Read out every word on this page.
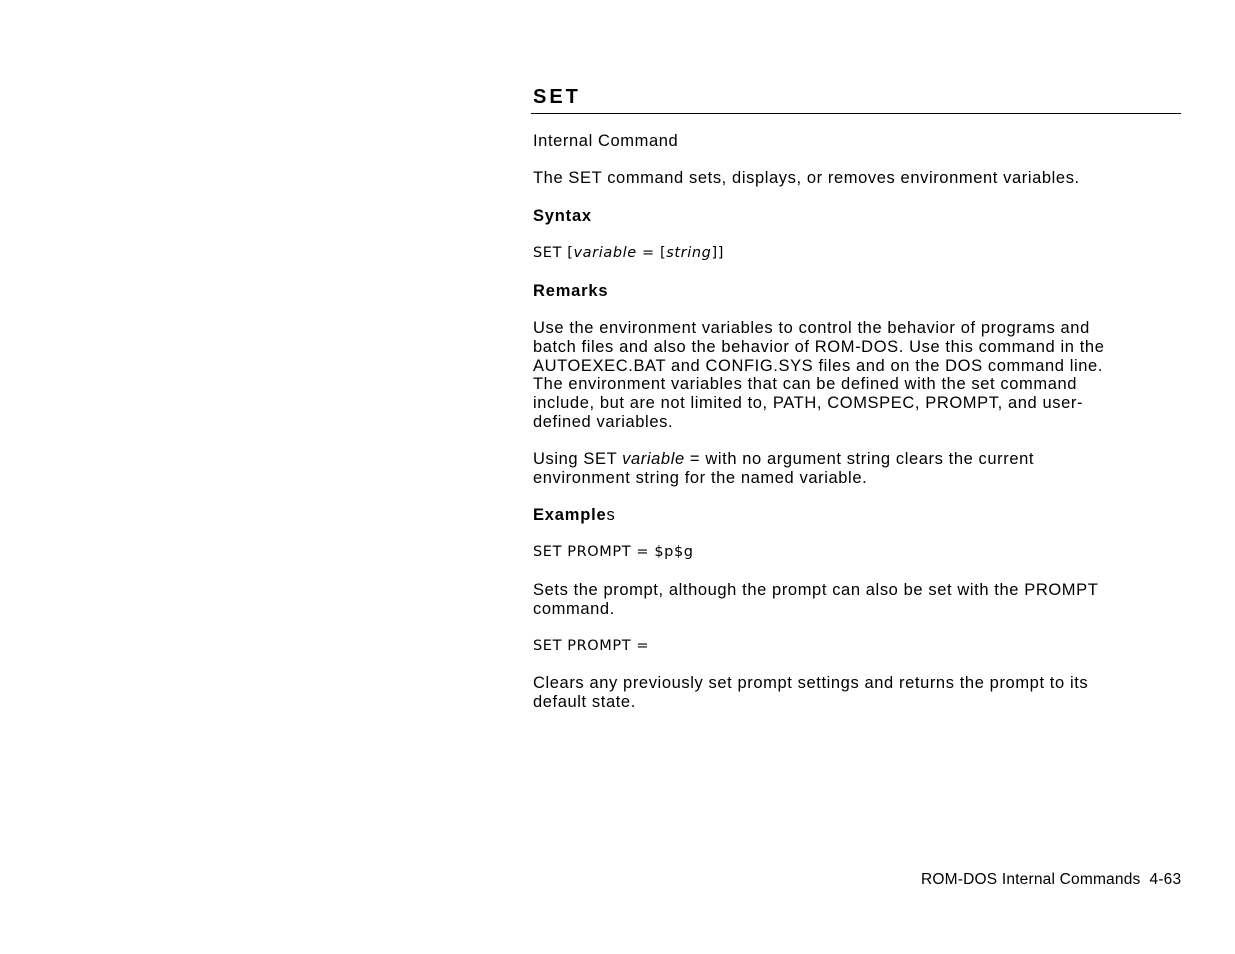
SET

Internal Command

The SET command sets, displays, or removes environment variables.

Syntax

SET [variable = [string]]

Remarks
Use the environment variables to control the behavior of programs and
batch files and also the behavior of ROM-DOS. Use this command in the
AUTOEXEC.BAT and CONFIG.SYS files and on the DOS command line.
The environment variables that can be defined with the set command
include, but are not limited to, PATH, COMSPEC, PROMPT, and user-
defined variables.
Using SET variable = with no argument string clears the current
environment string for the named variable.
Examples

SET PROMPT = $p$g

Sets the prompt, although the prompt can also be set with the PROMPT
command.

SET PROMPT =

Clears any previously set prompt settings and returns the prompt to its
default state.
ROM-DOS Internal Commands 4-63
